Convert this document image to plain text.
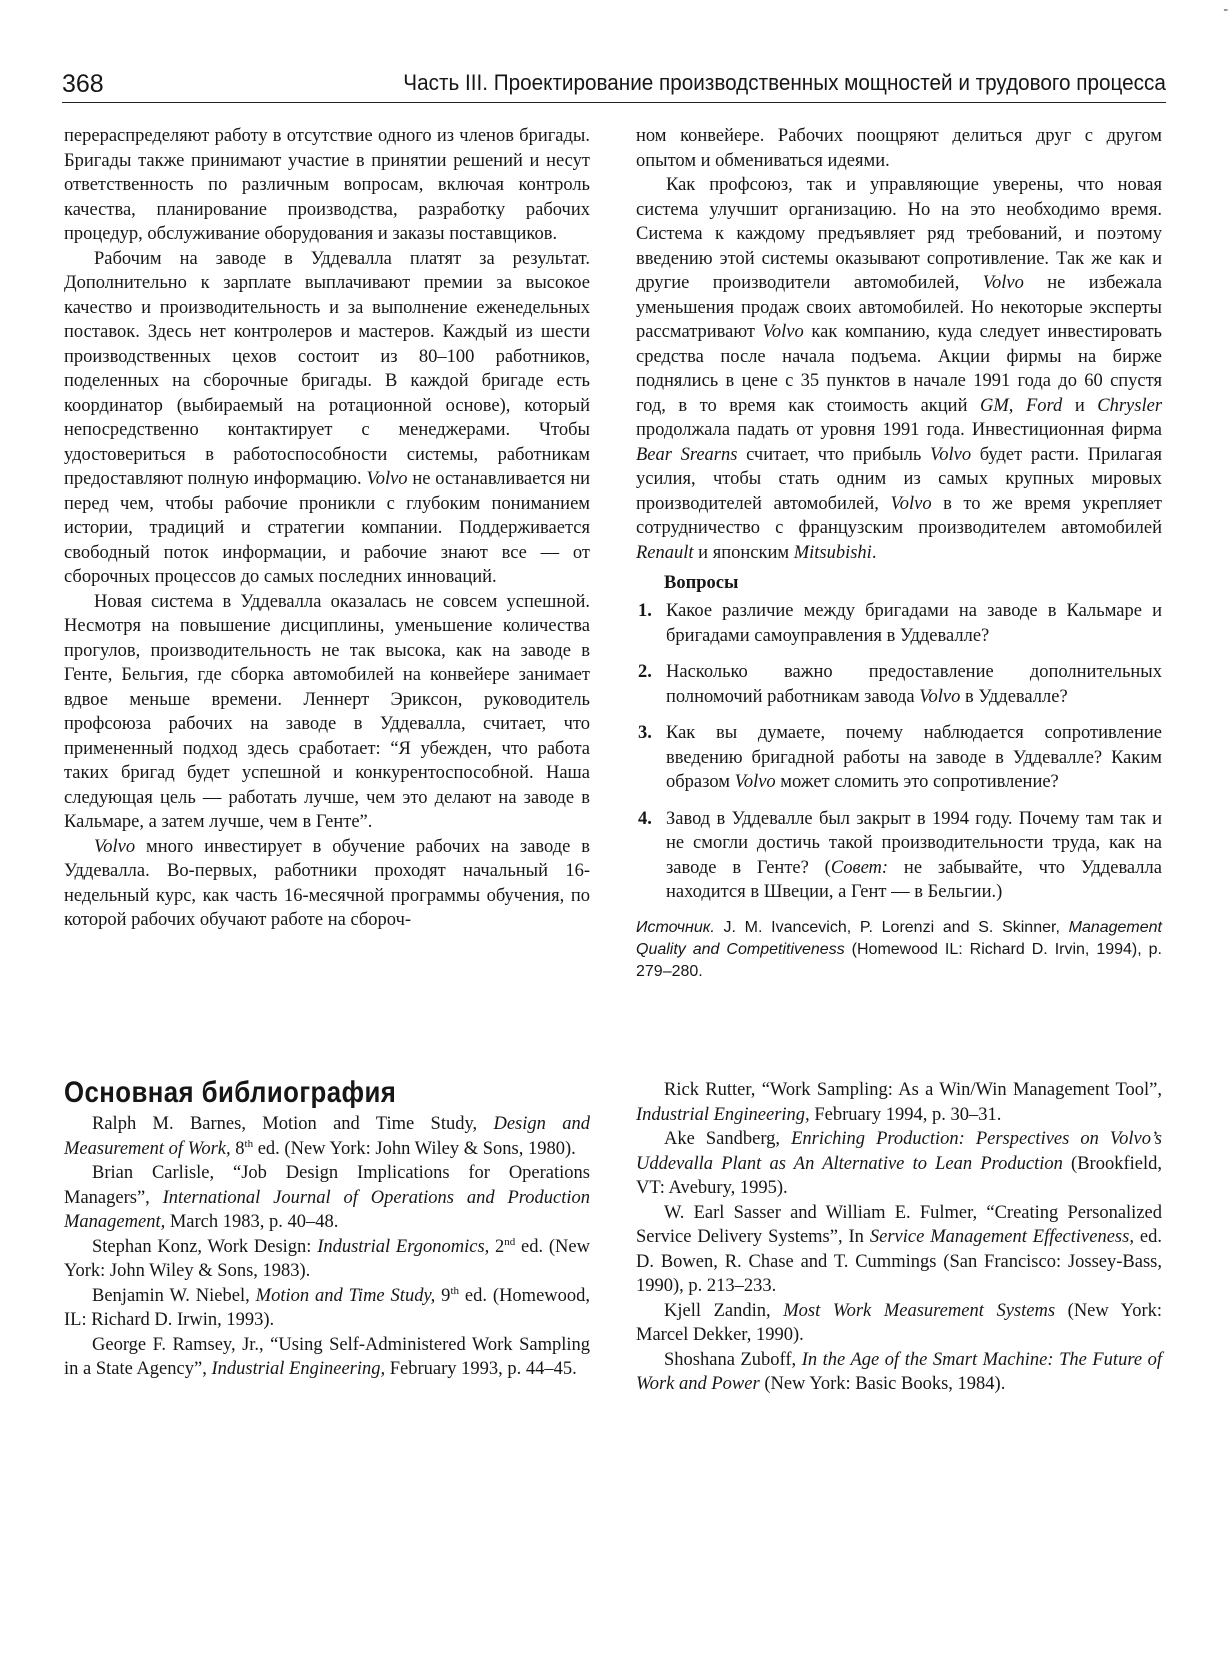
-
368	Часть III. Проектирование производственных мощностей и трудового процесса

перераспределяют работу в отсутствие одного из членов бригады. Бригады также принимают участие в принятии решений и несут ответственность по различным вопросам, включая контроль качества, планирование производства, разработку рабочих процедур, обслуживание оборудования и заказы поставщиков.

Рабочим на заводе в Уддевалла платят за результат. Дополнительно к зарплате выплачивают премии за высокое качество и производительность и за выполнение еженедельных поставок. Здесь нет контролеров и мастеров. Каждый из шести производственных цехов состоит из 80–100 работников, поделенных на сборочные бригады. В каждой бригаде есть координатор (выбираемый на ротационной основе), который непосредственно контактирует с менеджерами. Чтобы удостовериться в работоспособности системы, работникам предоставляют полную информацию. Volvo не останавливается ни перед чем, чтобы рабочие проникли с глубоким пониманием истории, традиций и стратегии компании. Поддерживается свободный поток информации, и рабочие знают все — от сборочных процессов до самых последних инноваций.

Новая система в Уддевалла оказалась не совсем успешной. Несмотря на повышение дисциплины, уменьшение количества прогулов, производительность не так высока, как на заводе в Генте, Бельгия, где сборка автомобилей на конвейере занимает вдвое меньше времени. Леннерт Эриксон, руководитель профсоюза рабочих на заводе в Уддевалла, считает, что примененный подход здесь сработает: “Я убежден, что работа таких бригад будет успешной и конкурентоспособной. Наша следующая цель — работать лучше, чем это делают на заводе в Кальмаре, а затем лучше, чем в Генте”.

Volvo много инвестирует в обучение рабочих на заводе в Уддевалла. Во-первых, работники проходят начальный 16-недельный курс, как часть 16-месячной программы обучения, по которой рабочих обучают работе на сбороч-

ном конвейере. Рабочих поощряют делиться друг с другом опытом и обмениваться идеями.

Как профсоюз, так и управляющие уверены, что новая система улучшит организацию. Но на это необходимо время. Система к каждому предъявляет ряд требований, и поэтому введению этой системы оказывают сопротивление. Так же как и другие производители автомобилей, Volvo не избежала уменьшения продаж своих автомобилей. Но некоторые эксперты рассматривают Volvo как компанию, куда следует инвестировать средства после начала подъема. Акции фирмы на бирже поднялись в цене с 35 пунктов в начале 1991 года до 60 спустя год, в то время как стоимость акций GM, Ford и Chrysler продолжала падать от уровня 1991 года. Инвестиционная фирма Bear Srearns считает, что прибыль Volvo будет расти. Прилагая усилия, чтобы стать одним из самых крупных мировых производителей автомобилей, Volvo в то же время укрепляет сотрудничество с французским производителем автомобилей Renault и японским Mitsubishi.

Вопросы
1. Какое различие между бригадами на заводе в Кальмаре и бригадами самоуправления в Уддевалле?
2. Насколько важно предоставление дополнительных полномочий работникам завода Volvo в Уддевалле?
3. Как вы думаете, почему наблюдается сопротивление введению бригадной работы на заводе в Уддевалле? Каким образом Volvo может сломить это сопротивление?
4. Завод в Уддевалле был закрыт в 1994 году. Почему там так и не смогли достичь такой производительности труда, как на заводе в Генте? (Совет: не забывайте, что Уддевалла находится в Швеции, а Гент — в Бельгии.)

Источник. J. M. Ivancevich, P. Lorenzi and S. Skinner, Management Quality and Competitiveness (Homewood IL: Richard D. Irvin, 1994), p. 279–280.

Основная библиография

Ralph M. Barnes, Motion and Time Study, Design and Measurement of Work, 8th ed. (New York: John Wiley & Sons, 1980).

Brian Carlisle, “Job Design Implications for Operations Managers”, International Journal of Operations and Production Management, March 1983, p. 40–48.

Stephan Konz, Work Design: Industrial Ergonomics, 2nd ed. (New York: John Wiley & Sons, 1983).

Benjamin W. Niebel, Motion and Time Study, 9th ed. (Homewood, IL: Richard D. Irwin, 1993).

George F. Ramsey, Jr., “Using Self-Administered Work Sampling in a State Agency”, Industrial Engineering, February 1993, p. 44–45.

Rick Rutter, “Work Sampling: As a Win/Win Management Tool”, Industrial Engineering, February 1994, p. 30–31.

Ake Sandberg, Enriching Production: Perspectives on Volvo’s Uddevalla Plant as An Alternative to Lean Production (Brookfield, VT: Avebury, 1995).

W. Earl Sasser and William E. Fulmer, “Creating Personalized Service Delivery Systems”, In Service Management Effectiveness, ed. D. Bowen, R. Chase and T. Cummings (San Francisco: Jossey-Bass, 1990), p. 213–233.

Kjell Zandin, Most Work Measurement Systems (New York: Marcel Dekker, 1990).

Shoshana Zuboff, In the Age of the Smart Machine: The Future of Work and Power (New York: Basic Books, 1984).
